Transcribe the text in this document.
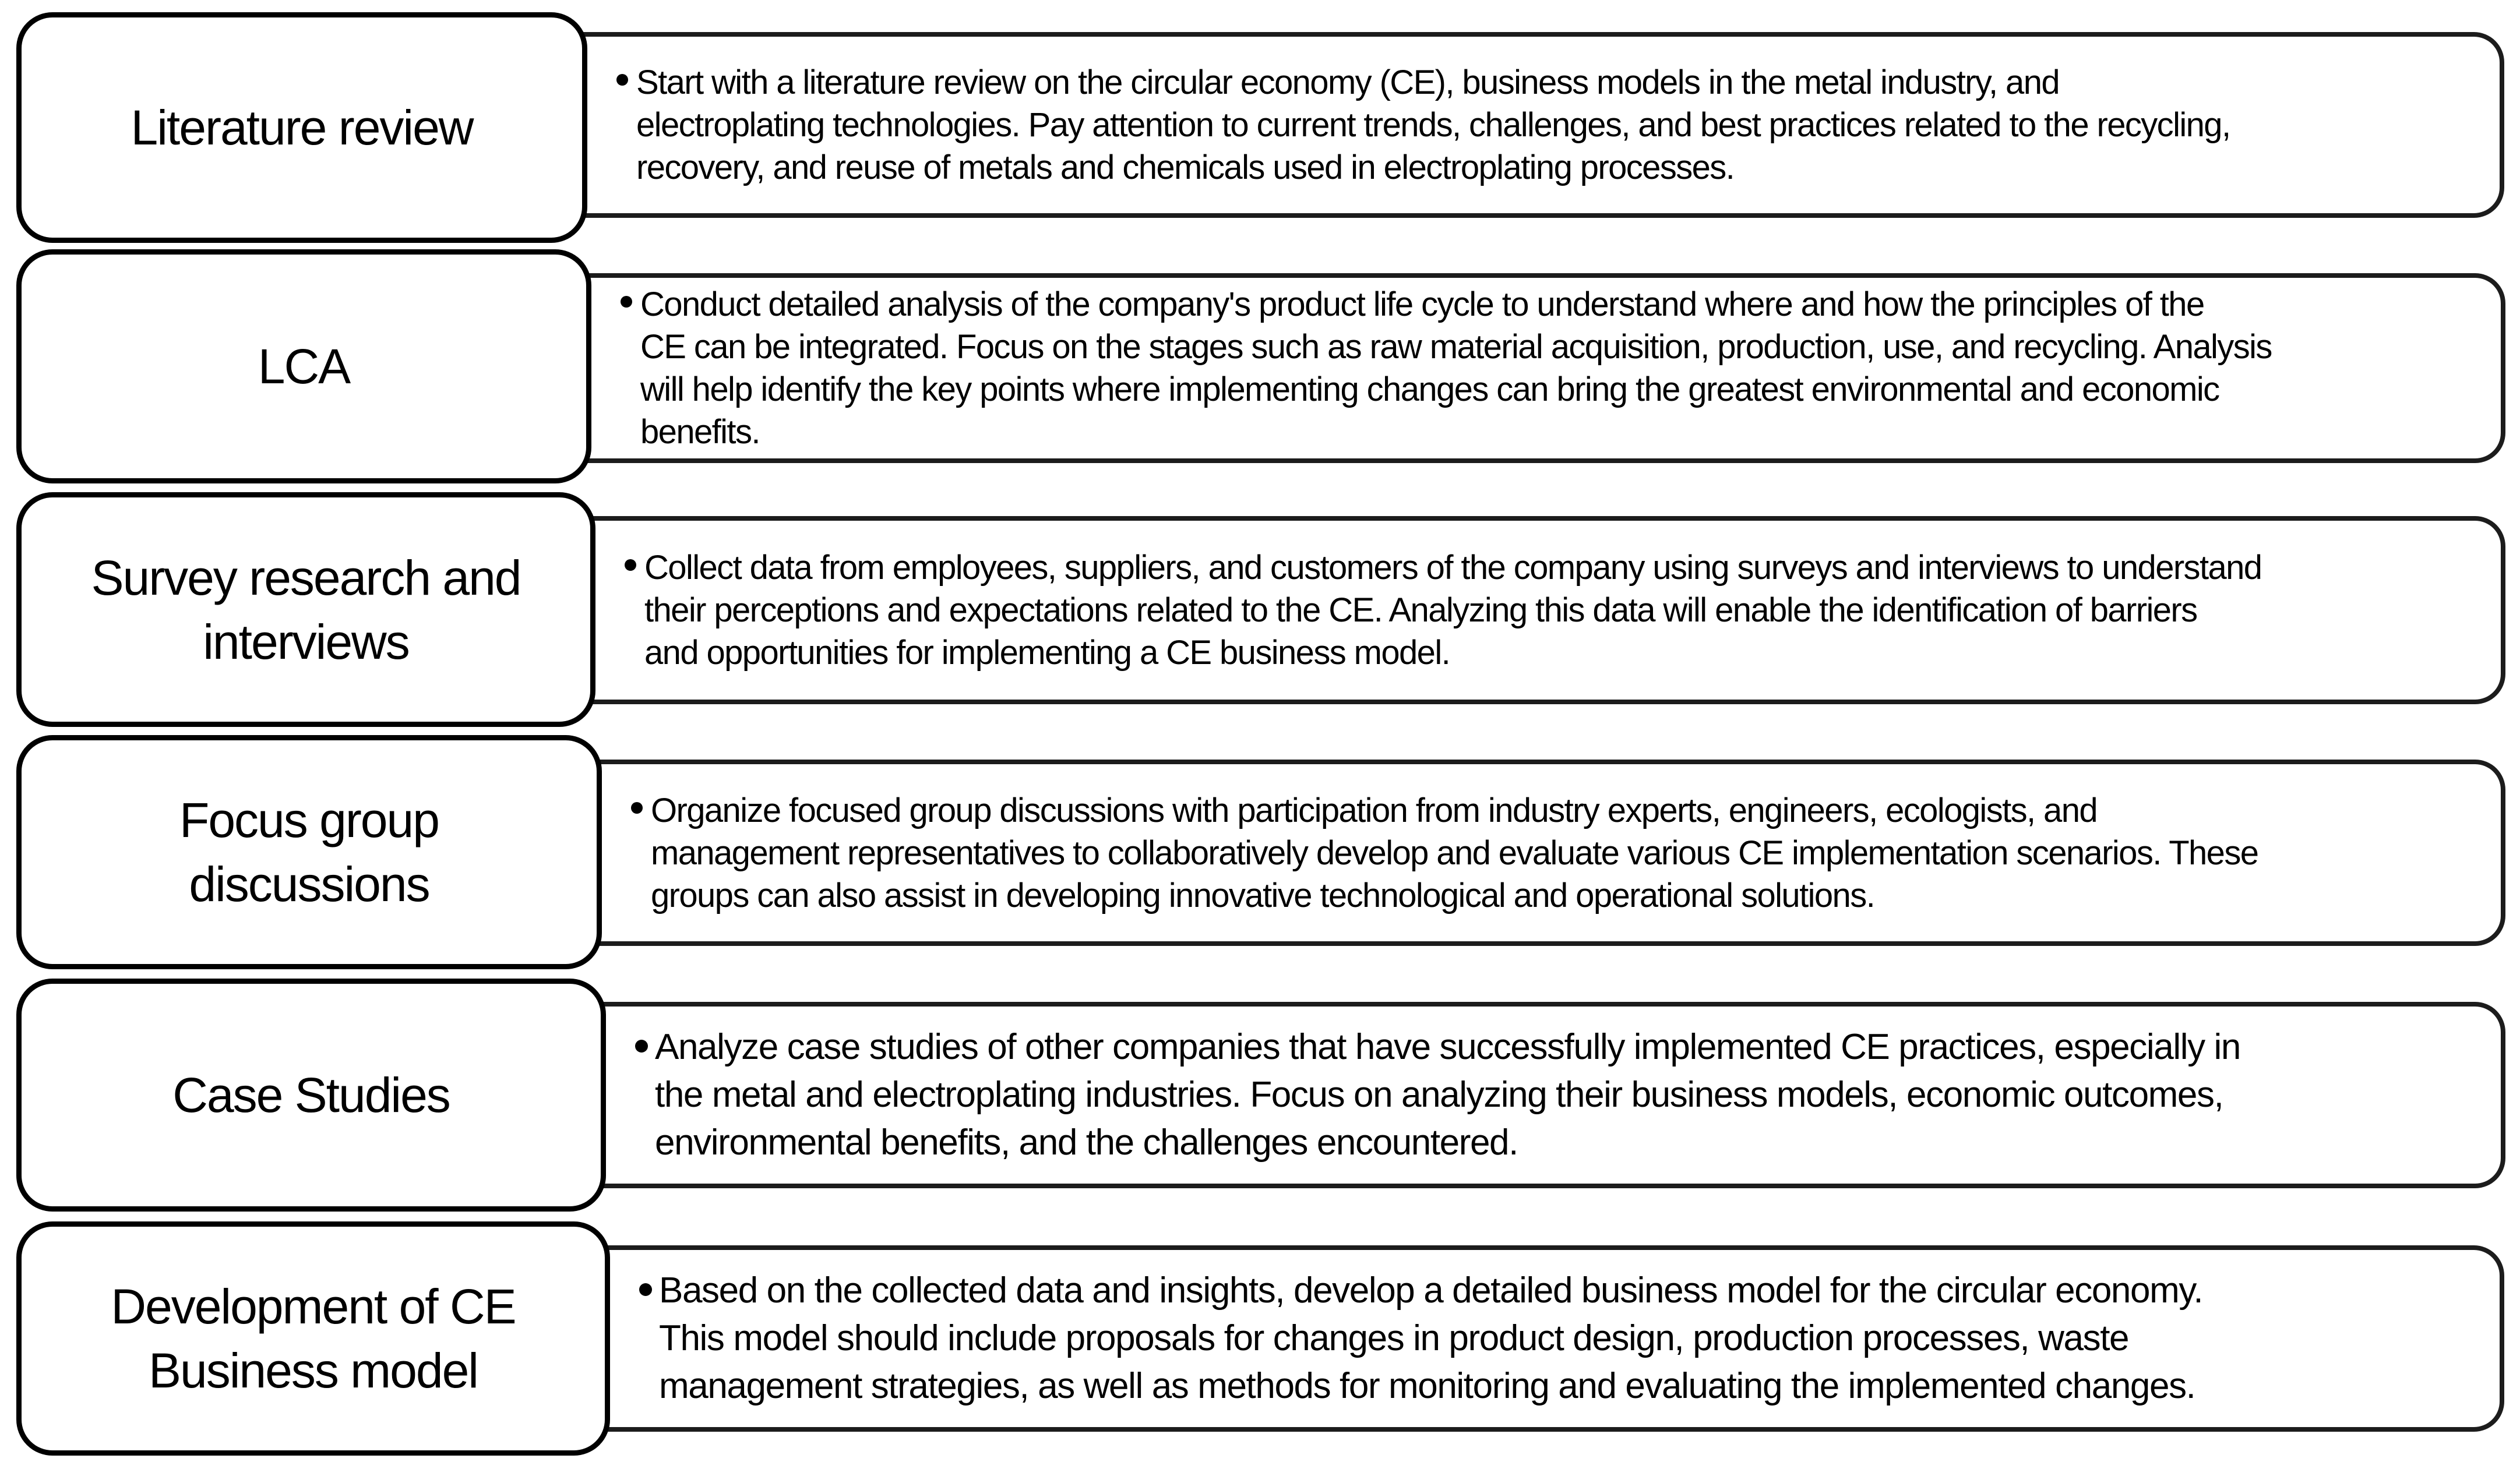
Literature review
Start with a literature review on the circular economy (CE), business models in the metal industry, and
electroplating technologies. Pay attention to current trends, challenges, and best practices related to the recycling,
recovery, and reuse of metals and chemicals used in electroplating processes.
LCA
Conduct detailed analysis of the company's product life cycle to understand where and how the principles of the
CE can be integrated. Focus on the stages such as raw material acquisition, production, use, and recycling. Analysis
will help identify the key points where implementing changes can bring the greatest environmental and economic
benefits.
Survey research and
interviews
Collect data from employees, suppliers, and customers of the company using surveys and interviews to understand
their perceptions and expectations related to the CE. Analyzing this data will enable the identification of barriers
and opportunities for implementing a CE business model.
Focus group
discussions
Organize focused group discussions with participation from industry experts, engineers, ecologists, and
management representatives to collaboratively develop and evaluate various CE implementation scenarios. These
groups can also assist in developing innovative technological and operational solutions.
Case Studies
Analyze case studies of other companies that have successfully implemented CE practices, especially in
the metal and electroplating industries. Focus on analyzing their business models, economic outcomes,
environmental benefits, and the challenges encountered.
Development of CE
Business model
Based on the collected data and insights, develop a detailed business model for the circular economy.
This model should include proposals for changes in product design, production processes, waste
management strategies, as well as methods for monitoring and evaluating the implemented changes.
